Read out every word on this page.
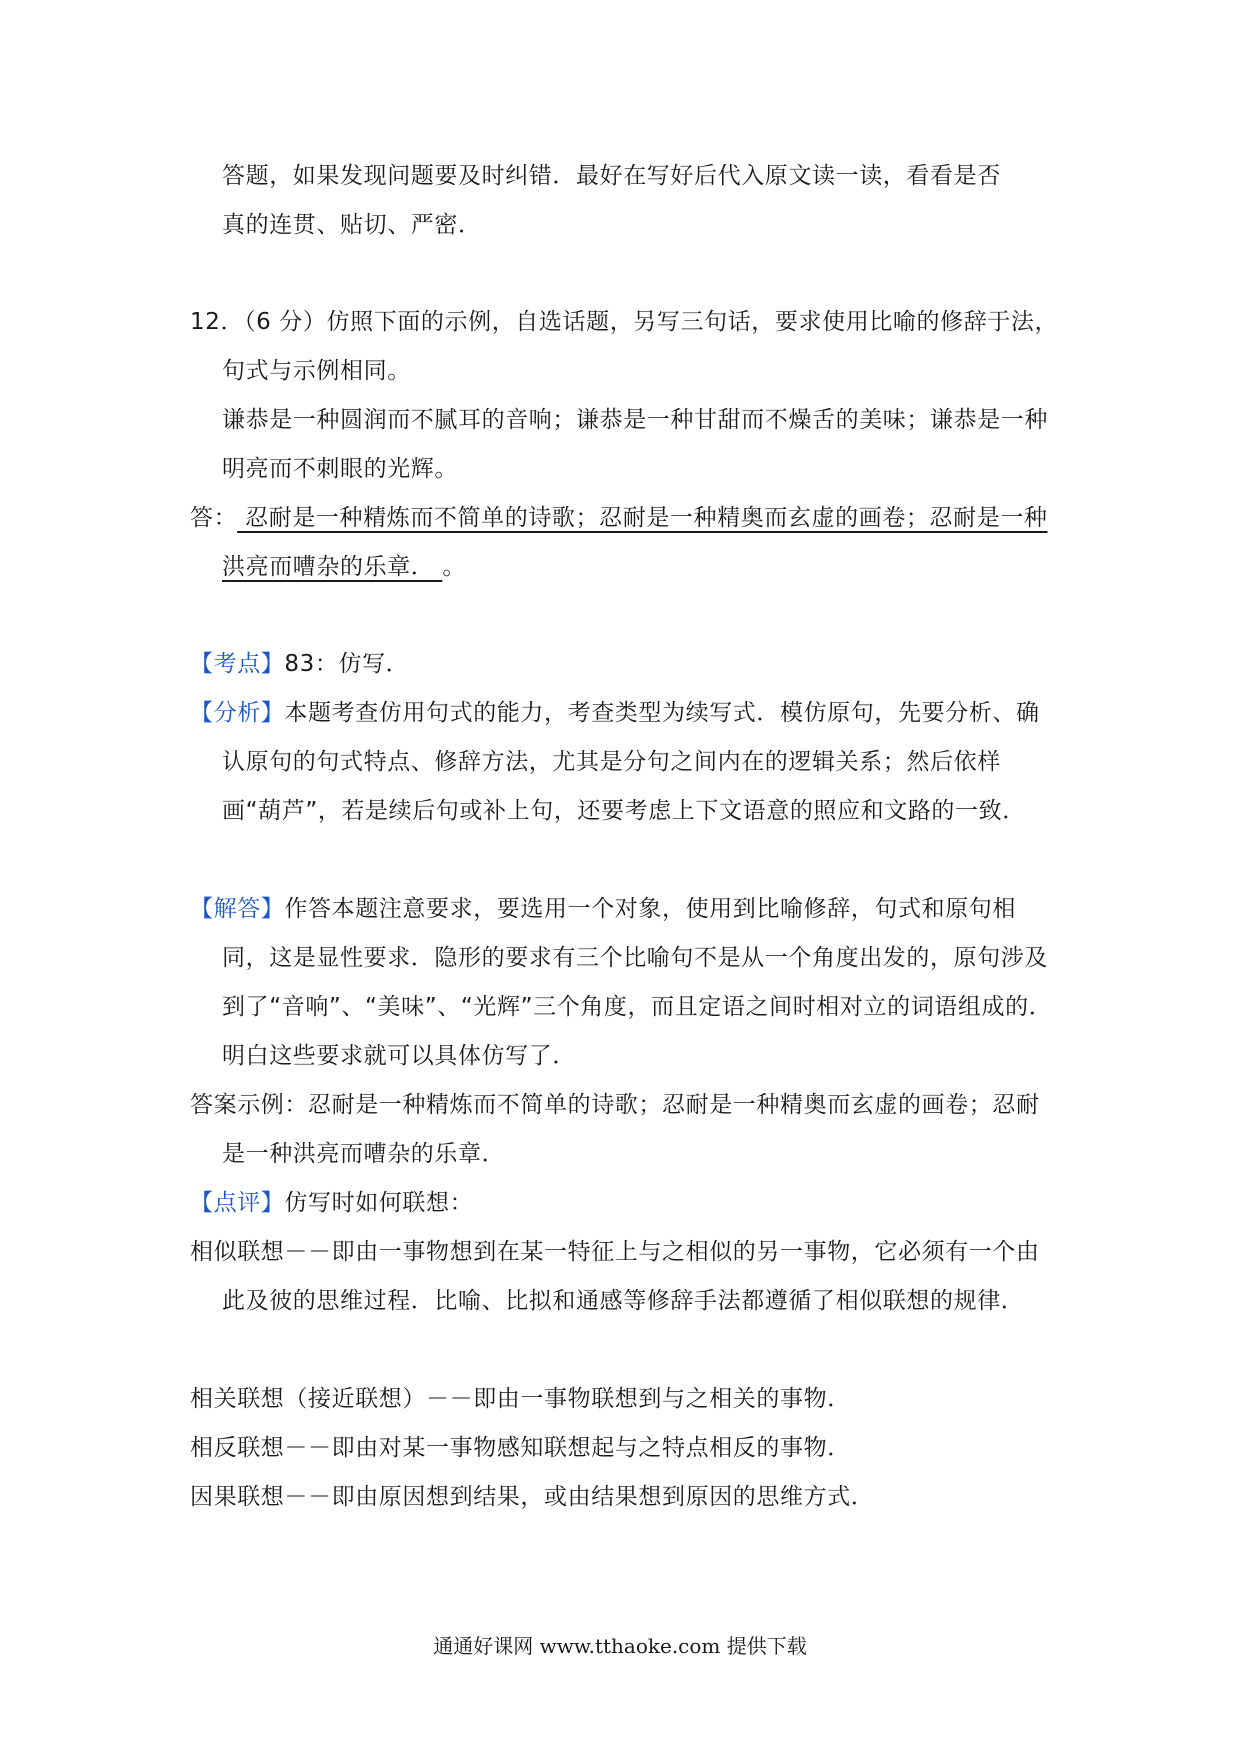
答题，如果发现问题要及时纠错．最好在写好后代入原文读一读，看看是否
真的连贯、贴切、严密．
12．（6 分）仿照下面的示例，自选话题，另写三句话，要求使用比喻的修辞于法，句式与示例相同。
谦恭是一种圆润而不腻耳的音响；谦恭是一种甘甜而不燥舌的美味；谦恭是一种明亮而不刺眼的光辉。
答： 忍耐是一种精炼而不简单的诗歌；忍耐是一种精奥而玄虚的画卷；忍耐是一种洪亮而嘈杂的乐章． 。
【考点】83：仿写．
【分析】本题考查仿用句式的能力，考查类型为续写式．模仿原句，先要分析、确认原句的句式特点、修辞方法，尤其是分句之间内在的逻辑关系；然后依样画“葫芦”，若是续后句或补上句，还要考虑上下文语意的照应和文路的一致．
【解答】作答本题注意要求，要选用一个对象，使用到比喻修辞，句式和原句相同，这是显性要求．隐形的要求有三个比喻句不是从一个角度出发的，原句涉及到了“音响”、“美味”、“光辉”三个角度，而且定语之间时相对立的词语组成的．明白这些要求就可以具体仿写了．
答案示例：忍耐是一种精炼而不简单的诗歌；忍耐是一种精奥而玄虚的画卷；忍耐是一种洪亮而嘈杂的乐章．
【点评】仿写时如何联想：
相似联想－－即由一事物想到在某一特征上与之相似的另一事物，它必须有一个由此及彼的思维过程．比喻、比拟和通感等修辞手法都遵循了相似联想的规律．
相关联想（接近联想）－－即由一事物联想到与之相关的事物．
相反联想－－即由对某一事物感知联想起与之特点相反的事物．
因果联想－－即由原因想到结果，或由结果想到原因的思维方式．
通通好课网 www.tthaoke.com 提供下载
